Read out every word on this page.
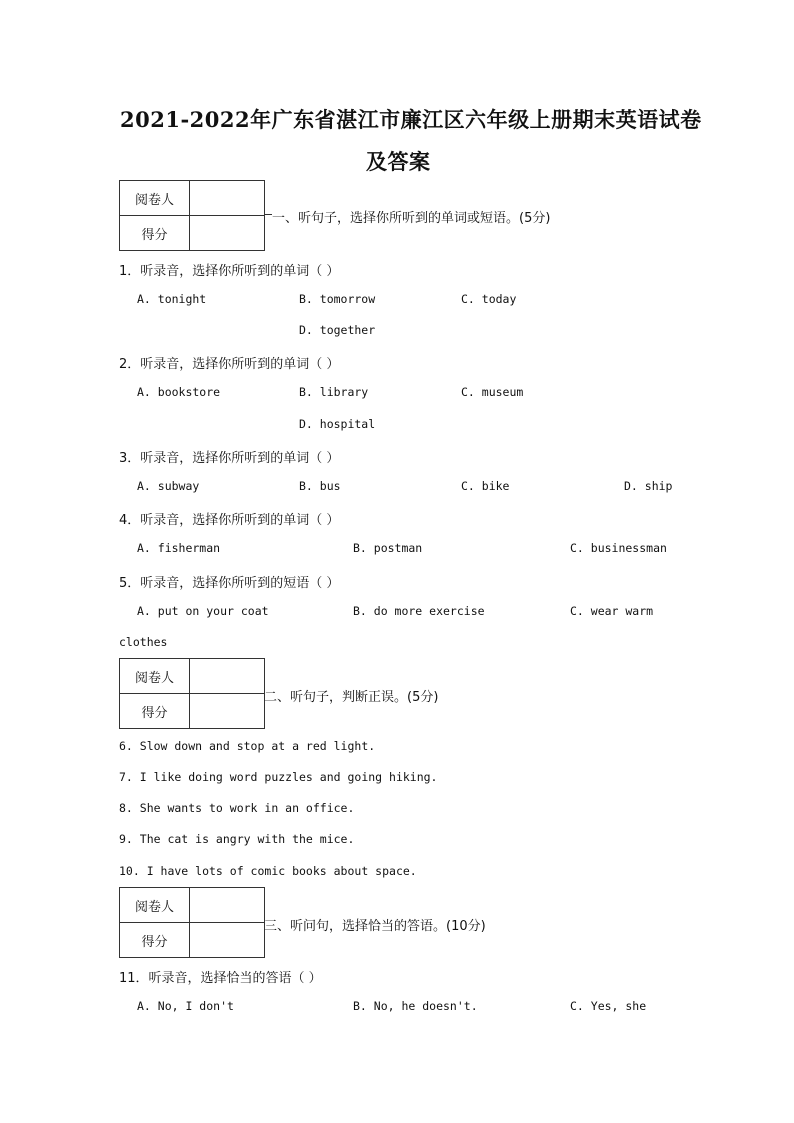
2021-2022年广东省湛江市廉江区六年级上册期末英语试卷
及答案
阅卷人	
得分	
一、听句子，选择你所听到的单词或短语。(5分)
1．听录音，选择你所听到的单词（ ）
A. tonight	B. tomorrow	C. today
D. together
2．听录音，选择你所听到的单词（ ）
A. bookstore	B. library	C. museum
D. hospital
3．听录音，选择你所听到的单词（ ）
A. subway	B. bus	C. bike	D. ship
4．听录音，选择你所听到的单词（ ）
A. fisherman	B. postman	C. businessman
5．听录音，选择你所听到的短语（ ）
A. put on your coat	B. do more exercise	C. wear warm
clothes
阅卷人	
得分	
二、听句子，判断正误。(5分)
6. Slow down and stop at a red light.
7. I like doing word puzzles and going hiking.
8. She wants to work in an office.
9. The cat is angry with the mice.
10. I have lots of comic books about space.
阅卷人	
得分	
三、听问句，选择恰当的答语。(10分)
11．听录音，选择恰当的答语（ ）
A. No, I don't	B. No, he doesn't.	C. Yes, she
